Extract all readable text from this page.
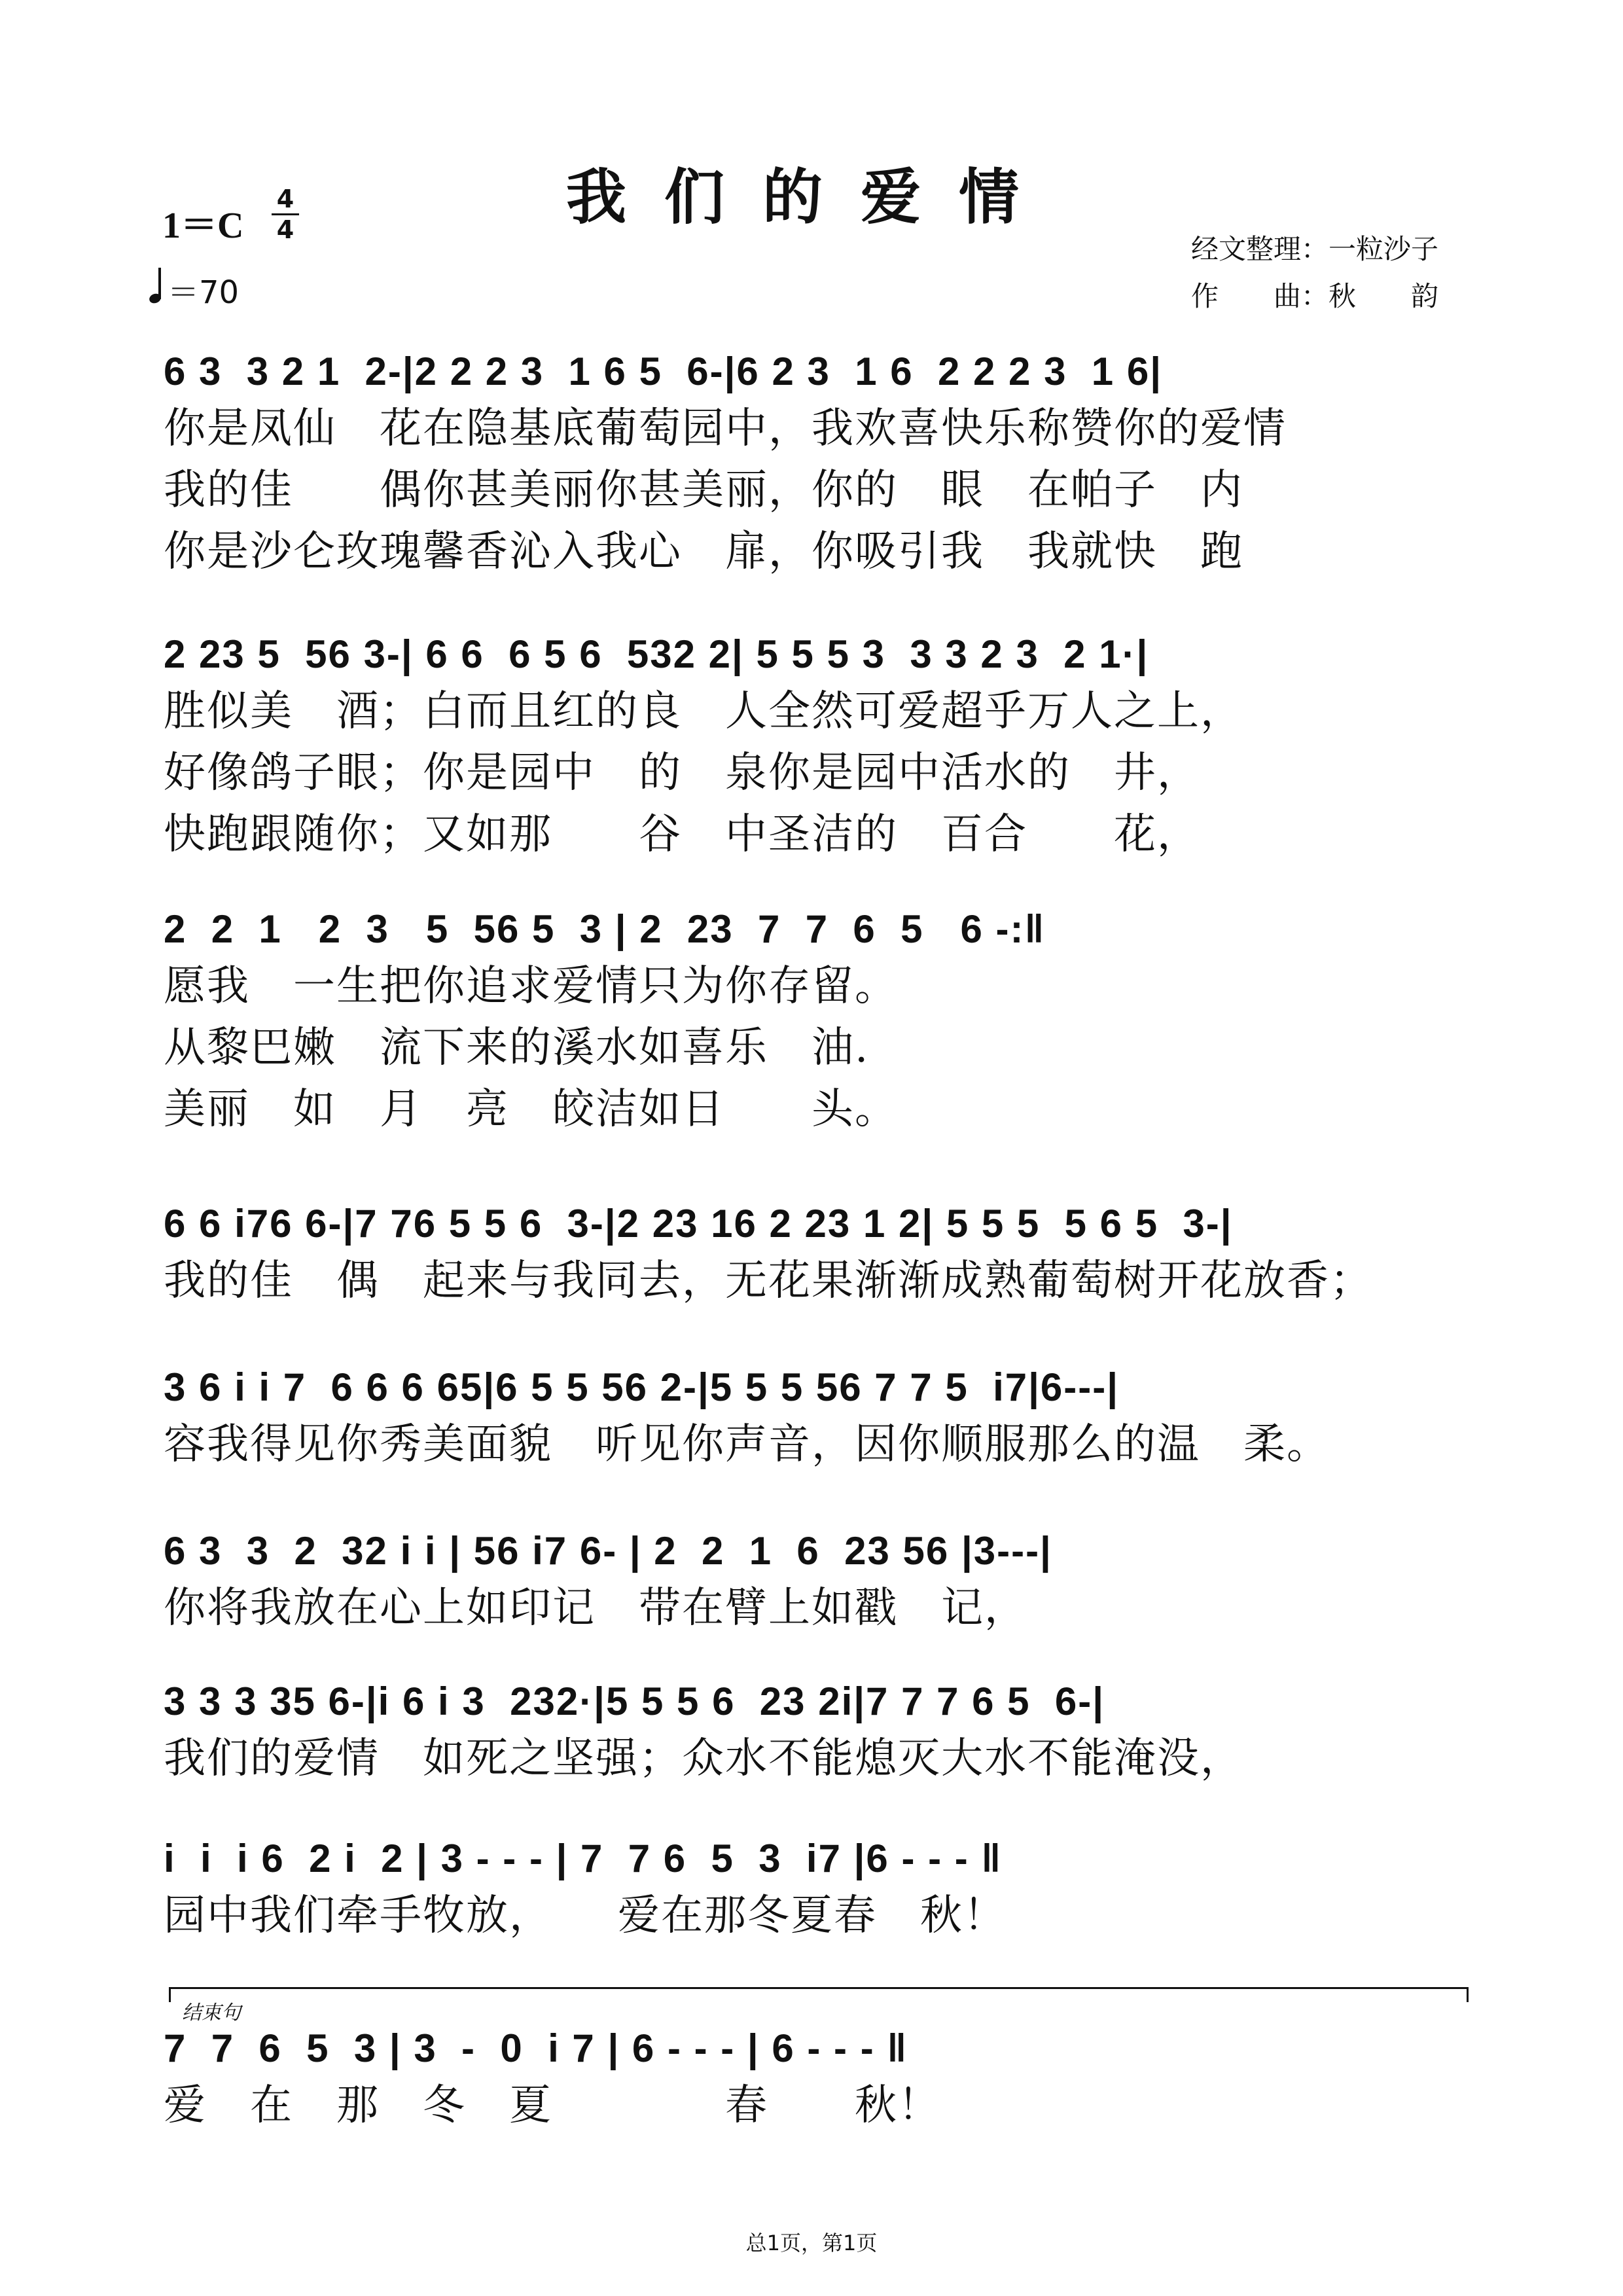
我们的爱情
1＝C
4
4
＝70
经文整理：一粒沙子
作　　曲：秋　　韵
6 3  3 2 1  2-|2 2 2 3  1 6 5  6-|6 2 3  1 6  2 2 2 3  1 6|
你是凤仙　花在隐基底葡萄园中，我欢喜快乐称赞你的爱情
我的佳　　偶你甚美丽你甚美丽，你的　眼　在帕子　内
你是沙仑玫瑰馨香沁入我心　扉，你吸引我　我就快　跑
2 23 5  56 3-| 6 6  6 5 6  532 2| 5 5 5 3  3 3 2 3  2 1·|
胜似美　酒；白而且红的良　人全然可爱超乎万人之上，
好像鸽子眼；你是园中　的　泉你是园中活水的　井，
快跑跟随你；又如那　　谷　中圣洁的　百合　　花，
2  2  1   2  3   5  56 5  3 | 2  23  7  7  6  5   6 -:‖
愿我　一生把你追求爱情只为你存留。
从黎巴嫩　流下来的溪水如喜乐　油.
美丽　如　月　亮　皎洁如日　　头。
6 6 i76 6-|7 76 5 5 6  3-|2 23 16 2 23 1 2| 5 5 5  5 6 5  3-|
我的佳　偶　起来与我同去，无花果渐渐成熟葡萄树开花放香；
3 6 i i 7  6 6 6 65|6 5 5 56 2-|5 5 5 56 7 7 5  i7|6---|
容我得见你秀美面貌　听见你声音，因你顺服那么的温　柔。
6 3  3  2  32 i i | 56 i7 6- | 2  2  1  6  23 56 |3---|
你将我放在心上如印记　带在臂上如戳　记，
3 3 3 35 6-|i 6 i 3  232·|5 5 5 6  23 2i|7 7 7 6 5  6-|
我们的爱情　如死之坚强；众水不能熄灭大水不能淹没，
i  i  i 6  2 i  2 | 3 - - - | 7  7 6  5  3  i7 |6 - - - ‖
园中我们牵手牧放，　　爱在那冬夏春　秋！
结束句
7  7  6  5  3 | 3  -  0  i 7 | 6 - - - | 6 - - - ‖
爱　在　那　冬　夏　　　　春　　秋！
总1页，第1页
